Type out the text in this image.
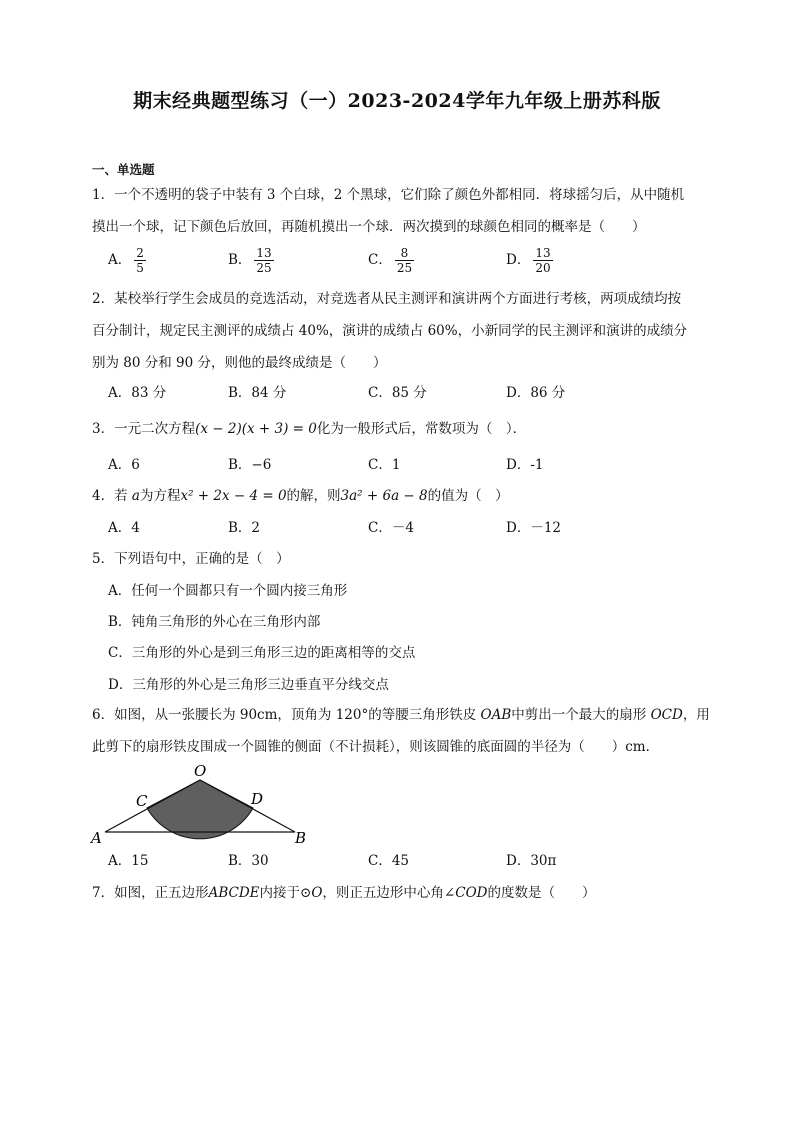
期末经典题型练习（一）2023-2024学年九年级上册苏科版
一、单选题
1．一个不透明的袋子中装有 3 个白球，2 个黑球，它们除了颜色外都相同．将球摇匀后，从中随机
摸出一个球，记下颜色后放回，再随机摸出一个球．两次摸到的球颜色相同的概率是（　　）
A． $\frac{2}{5}$	B． $\frac{13}{25}$	C． $\frac{8}{25}$	D． $\frac{13}{20}$
2．某校举行学生会成员的竞选活动，对竞选者从民主测评和演讲两个方面进行考核，两项成绩均按
百分制计，规定民主测评的成绩占 40%，演讲的成绩占 60%，小新同学的民主测评和演讲的成绩分
别为 80 分和 90 分，则他的最终成绩是（　　）
A．83 分	B．84 分	C．85 分	D．86 分
3．一元二次方程(x − 2)(x + 3) = 0化为一般形式后，常数项为（　）．
A．6	B．−6	C．1	D．-1
4．若 a为方程x² + 2x − 4 = 0的解，则3a² + 6a − 8的值为（　）
A．4	B．2	C．－4	D．－12
5．下列语句中，正确的是（　）
A．任何一个圆都只有一个圆内接三角形
B．钝角三角形的外心在三角形内部
C．三角形的外心是到三角形三边的距离相等的交点
D．三角形的外心是三角形三边垂直平分线交点
6．如图，从一张腰长为 90cm，顶角为 120°的等腰三角形铁皮 OAB中剪出一个最大的扇形 OCD，用
此剪下的扇形铁皮围成一个圆锥的侧面（不计损耗），则该圆锥的底面圆的半径为（　　）cm．
O
C	D
A	B
A．15	B．30	C．45	D．30π
7．如图，正五边形ABCDE内接于⊙O，则正五边形中心角∠COD的度数是（　　）
